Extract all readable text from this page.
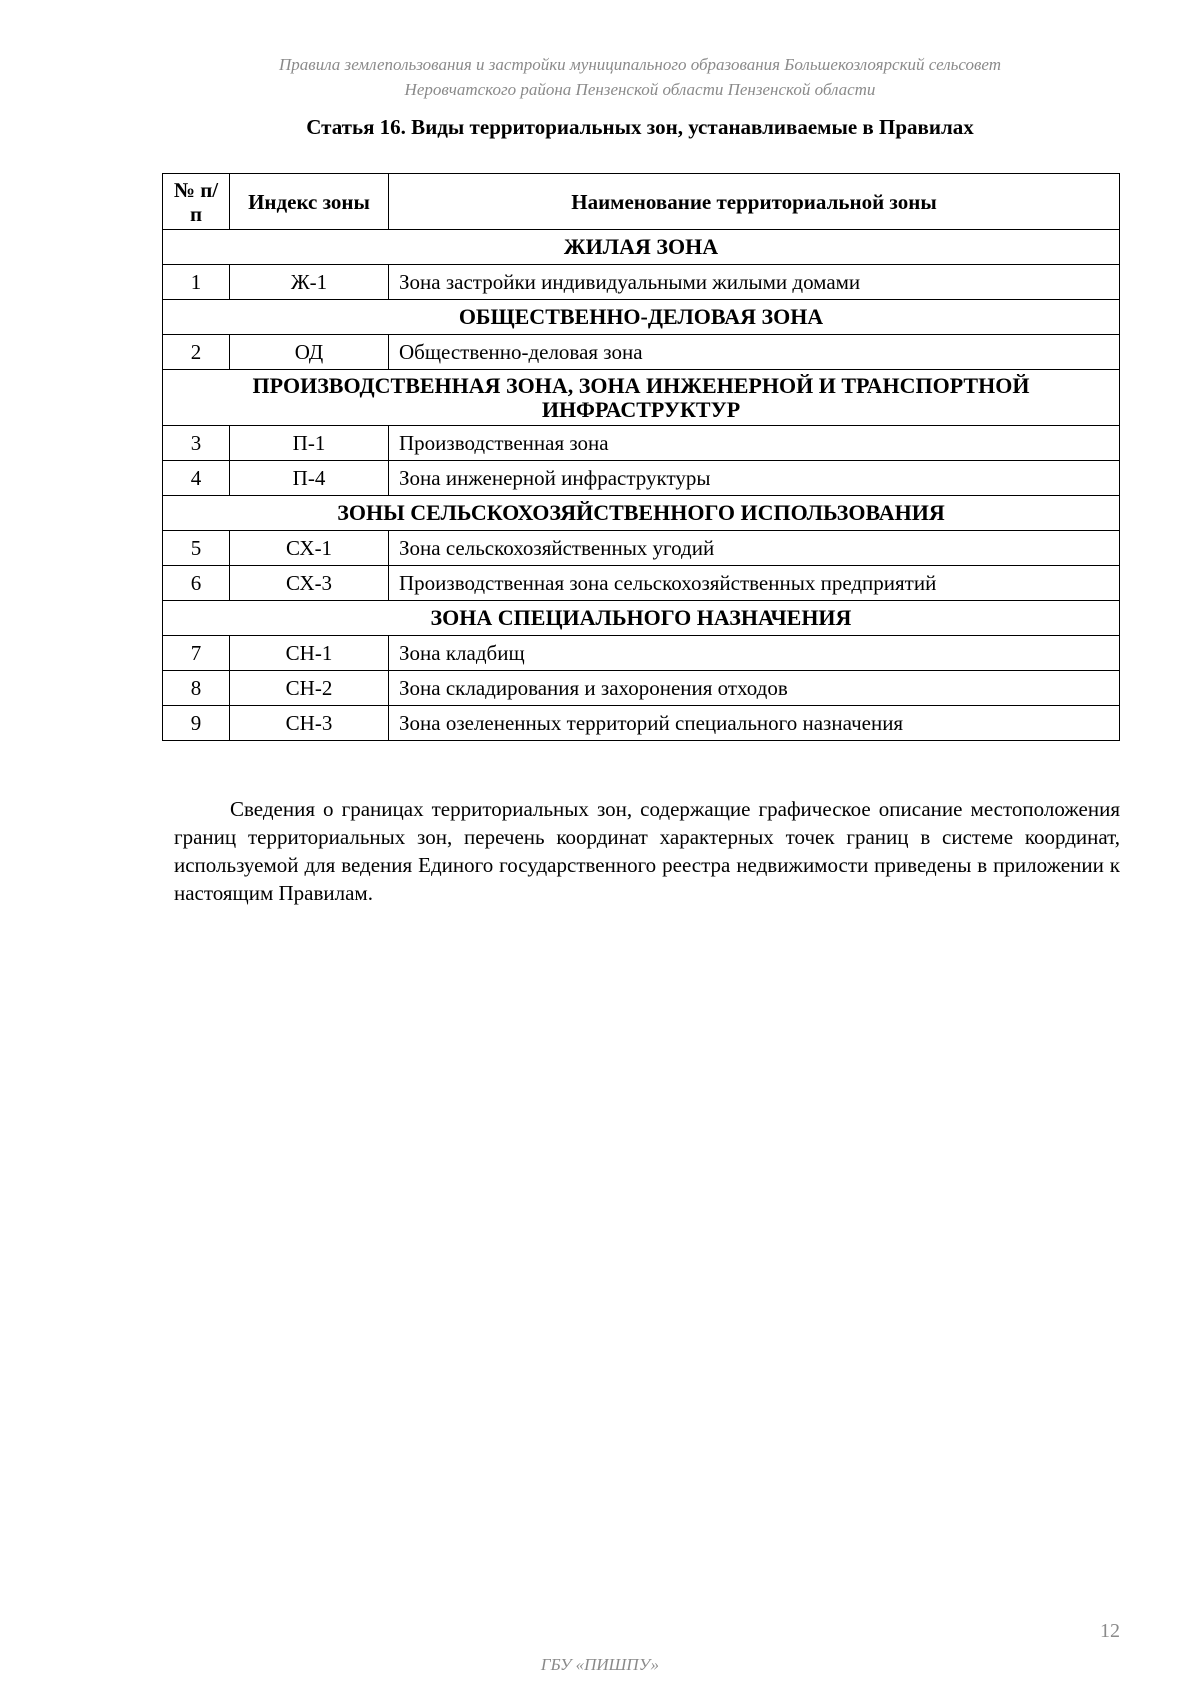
Правила землепользования и застройки муниципального образования Большекозлоярский сельсовет
Неровчатского района Пензенской области Пензенской области
Статья 16. Виды территориальных зон, устанавливаемые в Правилах
№ п/п	Индекс зоны	Наименование территориальной зоны
ЖИЛАЯ ЗОНА		
1	Ж-1	Зона застройки индивидуальными жилыми домами
ОБЩЕСТВЕННО-ДЕЛОВАЯ ЗОНА		
2	ОД	Общественно-деловая зона
ПРОИЗВОДСТВЕННАЯ ЗОНА, ЗОНА ИНЖЕНЕРНОЙ И ТРАНСПОРТНОЙ ИНФРАСТРУКТУР		
3	П-1	Производственная зона
4	П-4	Зона инженерной инфраструктуры
ЗОНЫ СЕЛЬСКОХОЗЯЙСТВЕННОГО ИСПОЛЬЗОВАНИЯ		
5	СХ-1	Зона сельскохозяйственных угодий
6	СХ-3	Производственная зона сельскохозяйственных предприятий
ЗОНА СПЕЦИАЛЬНОГО НАЗНАЧЕНИЯ		
7	СН-1	Зона кладбищ
8	СН-2	Зона складирования и захоронения отходов
9	СН-3	Зона озелененных территорий специального назначения

Сведения о границах территориальных зон, содержащие графическое описание местоположения границ территориальных зон, перечень координат характерных точек границ в системе координат, используемой для ведения Единого государственного реестра недвижимости приведены в приложении к настоящим Правилам.

12
ГБУ «ПИШПУ»
